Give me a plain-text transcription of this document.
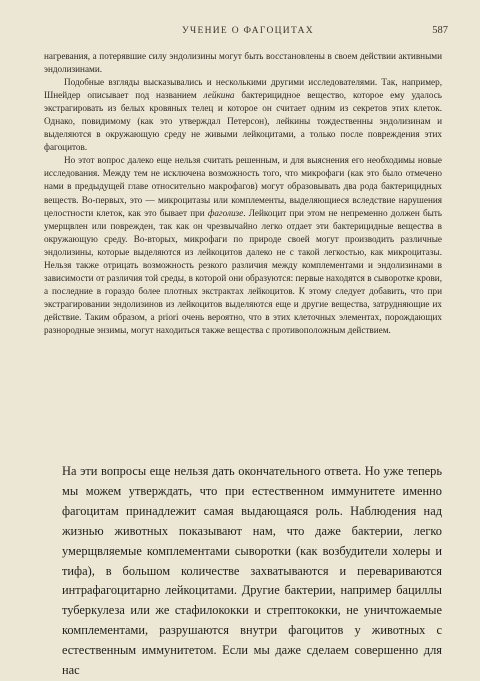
УЧЕНИЕ О ФАГОЦИТАХ	587

нагревания, а потерявшие силу эндолизины могут быть восстановлены в своем действии активными эндолизинами.

Подобные взгляды высказывались и несколькими другими исследователями. Так, например, Шнейдер описывает под названием лейкина бактерицидное вещество, которое ему удалось экстрагировать из белых кровяных телец и которое он считает одним из секретов этих клеток. Однако, повидимому (как это утверждал Петерсон), лейкины тождественны эндолизинам и выделяются в окружающую среду не живыми лейкоцитами, а только после повреждения этих фагоцитов.

Но этот вопрос далеко еще нельзя считать решенным, и для выяснения его необходимы новые исследования. Между тем не исключена возможность того, что микрофаги (как это было отмечено нами в предыдущей главе относительно макрофагов) могут образовывать два рода бактерицидных веществ. Во-первых, это — микроцитазы или комплементы, выделяющиеся вследствие нарушения целостности клеток, как это бывает при фаголизе. Лейкоцит при этом не непременно должен быть умерщвлен или поврежден, так как он чрезвычайно легко отдает эти бактерицидные вещества в окружающую среду. Во-вторых, микрофаги по природе своей могут производить различные эндолизины, которые выделяются из лейкоцитов далеко не с такой легкостью, как микроцитазы. Нельзя также отрицать возможность резкого различия между комплементами и эндолизинами в зависимости от различия той среды, в которой они образуются: первые находятся в сыворотке крови, а последние в гораздо более плотных экстрактах лейкоцитов. К этому следует добавить, что при экстрагировании эндолизинов из лейкоцитов выделяются еще и другие вещества, затрудняющие их действие. Таким образом, a priori очень вероятно, что в этих клеточных элементах, порождающих разнородные энзимы, могут находиться также вещества с противоположным действием.

На эти вопросы еще нельзя дать окончательного ответа. Но уже теперь мы можем утверждать, что при естественном иммунитете именно фагоцитам принадлежит самая выдающаяся роль. Наблюдения над жизнью животных показывают нам, что даже бактерии, легко умерщвляемые комплементами сыворотки (как возбудители холеры и тифа), в большом количестве захватываются и перевариваются интрафагоцитарно лейкоцитами. Другие бактерии, например бациллы туберкулеза или же стафилококки и стрептококки, не уничтожаемые комплементами, разрушаются внутри фагоцитов у животных с естественным иммунитетом. Если мы даже сделаем совершенно для нас
